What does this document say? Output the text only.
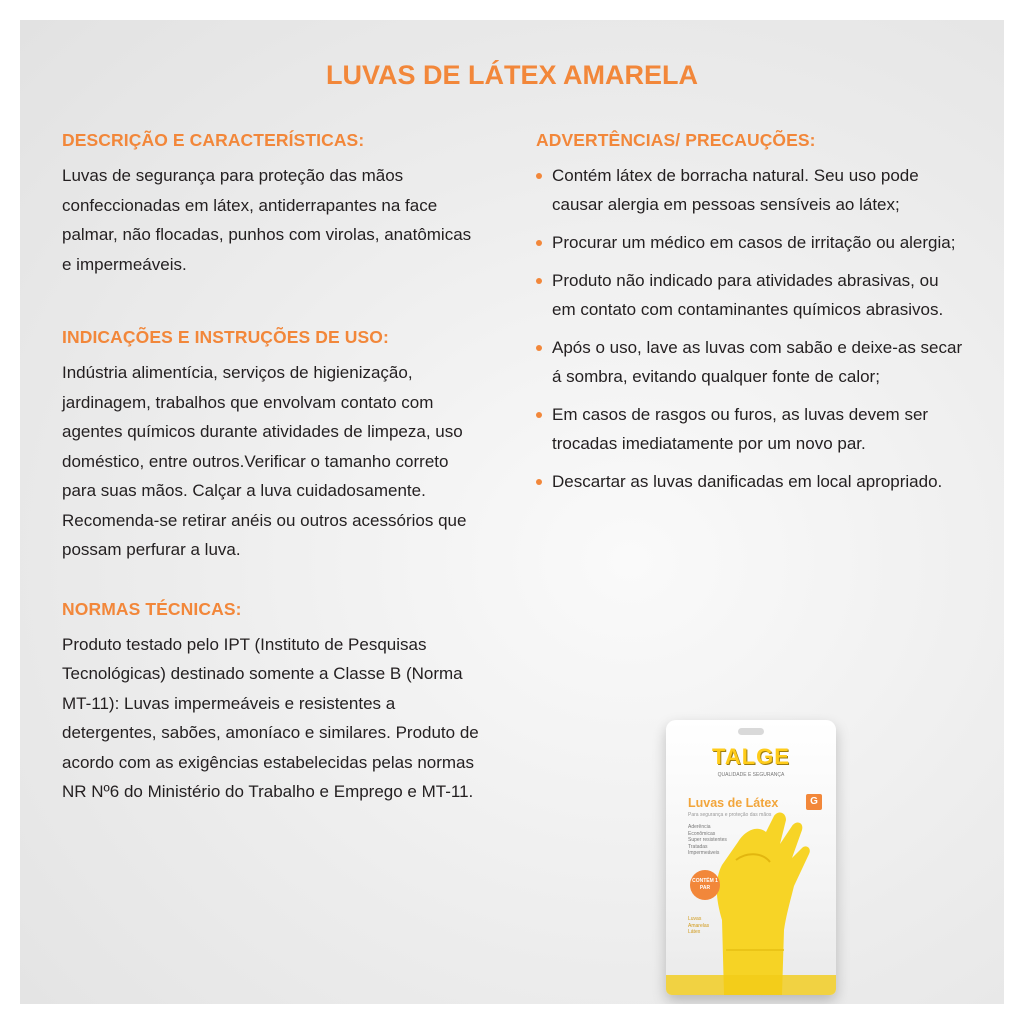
LUVAS DE LÁTEX AMARELA
DESCRIÇÃO E CARACTERÍSTICAS:

Luvas de segurança para proteção das mãos confeccionadas em látex, antiderrapantes na face palmar, não flocadas, punhos com virolas, anatômicas e impermeáveis.

INDICAÇÕES E INSTRUÇÕES DE USO:

Indústria alimentícia, serviços de higienização, jardinagem, trabalhos que envolvam contato com agentes químicos durante atividades de limpeza, uso doméstico, entre outros.Verificar o tamanho correto para suas mãos. Calçar a luva cuidadosamente. Recomenda-se retirar anéis ou outros acessórios que possam perfurar a luva.

NORMAS TÉCNICAS:

Produto testado pelo IPT (Instituto de Pesquisas Tecnológicas) destinado somente a Classe B (Norma MT-11): Luvas impermeáveis e resistentes a detergentes, sabões, amoníaco e similares. Produto de acordo com as exigências estabelecidas pelas normas NR Nº6 do Ministério do Trabalho e Emprego e MT-11.

ADVERTÊNCIAS/ PRECAUÇÕES:
Contém látex de borracha natural. Seu uso pode causar alergia em pessoas sensíveis ao látex;
Procurar um médico em casos de irritação ou alergia;
Produto não indicado para atividades abrasivas, ou em contato com contaminantes químicos abrasivos.
Após o uso, lave as luvas com sabão e deixe-as secar á sombra, evitando qualquer fonte de calor;
Em casos de rasgos ou furos, as luvas devem ser trocadas imediatamente por um novo par.
Descartar as luvas danificadas em local apropriado.
TALGE
QUALIDADE E SEGURANÇA
Luvas de Látex	G
Para segurança e proteção das mãos
Aderência
Econômicas
Super resistentes
Tratadas
Impermeáveis
CONTÉM 1 PAR
Luvas
Amarelas
Látex
